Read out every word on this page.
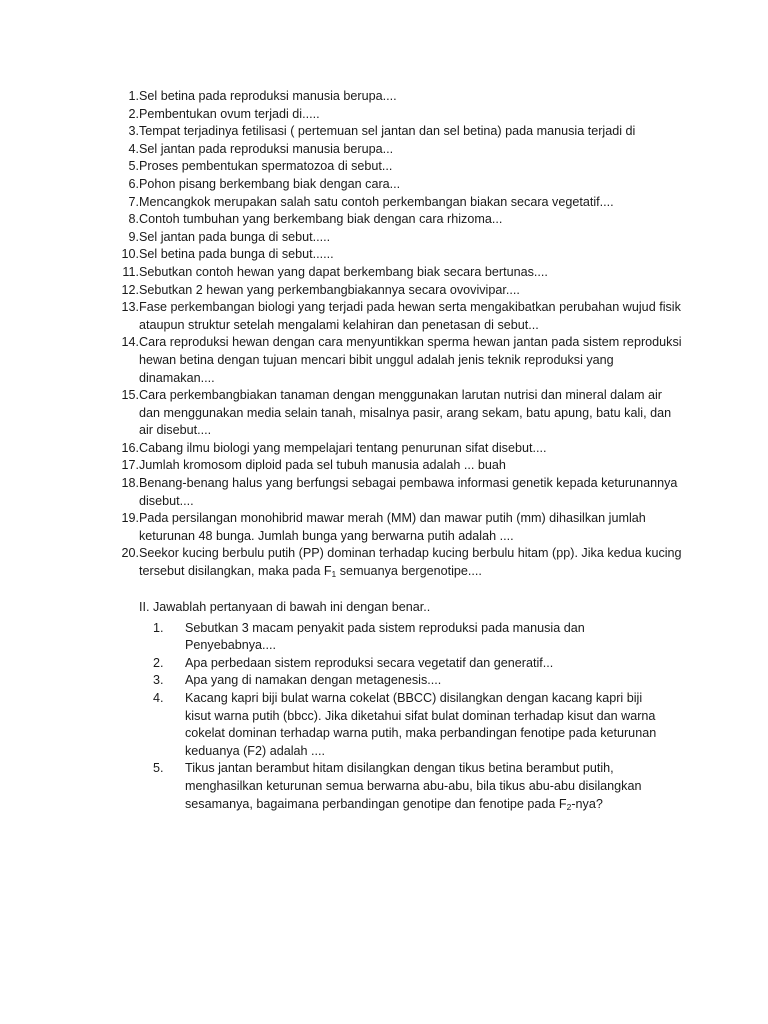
1. Sel betina pada reproduksi manusia berupa....
2. Pembentukan ovum terjadi di.....
3. Tempat terjadinya fetilisasi ( pertemuan sel jantan dan sel betina) pada manusia terjadi di
4. Sel jantan pada reproduksi manusia berupa...
5. Proses pembentukan spermatozoa di sebut...
6. Pohon pisang berkembang biak dengan cara...
7. Mencangkok merupakan salah satu contoh perkembangan biakan secara vegetatif....
8. Contoh tumbuhan yang berkembang biak dengan cara rhizoma...
9. Sel jantan pada bunga di sebut.....
10. Sel betina pada bunga di sebut......
11. Sebutkan contoh hewan yang dapat berkembang biak secara bertunas....
12. Sebutkan 2 hewan yang perkembangbiakannya secara ovovivipar....
13. Fase perkembangan biologi yang terjadi pada hewan serta mengakibatkan perubahan wujud fisik ataupun struktur setelah mengalami kelahiran dan penetasan di sebut...
14. Cara reproduksi hewan dengan cara menyuntikkan sperma hewan jantan pada sistem reproduksi hewan betina dengan tujuan mencari bibit unggul adalah jenis teknik reproduksi yang dinamakan....
15. Cara perkembangbiakan tanaman dengan menggunakan larutan nutrisi dan mineral dalam air dan menggunakan media selain tanah, misalnya pasir, arang sekam, batu apung, batu kali, dan air disebut....
16. Cabang ilmu biologi yang mempelajari tentang penurunan sifat disebut....
17. Jumlah kromosom diploid pada sel tubuh manusia adalah ... buah
18. Benang-benang halus yang berfungsi sebagai pembawa informasi genetik kepada keturunannya disebut....
19. Pada persilangan monohibrid mawar merah (MM) dan mawar putih (mm) dihasilkan jumlah keturunan 48 bunga. Jumlah bunga yang berwarna putih adalah ....
20. Seekor kucing berbulu putih (PP) dominan terhadap kucing berbulu hitam (pp). Jika kedua kucing tersebut disilangkan, maka pada $F_1$ semuanya bergenotipe....
II. Jawablah pertanyaan di bawah ini dengan benar..
1.	Sebutkan 3 macam penyakit pada sistem reproduksi pada manusia dan Penyebabnya....
2.	Apa perbedaan sistem reproduksi secara vegetatif dan generatif...
3.	Apa yang di namakan dengan metagenesis....
4.	Kacang kapri biji bulat warna cokelat (BBCC) disilangkan dengan kacang kapri biji kisut warna putih (bbcc). Jika diketahui sifat bulat dominan terhadap kisut dan warna cokelat dominan terhadap warna putih, maka perbandingan fenotipe pada keturunan keduanya (F2) adalah ....
5.	Tikus jantan berambut hitam disilangkan dengan tikus betina berambut putih, menghasilkan keturunan semua berwarna abu-abu, bila tikus abu-abu disilangkan sesamanya, bagaimana perbandingan genotipe dan fenotipe pada $F_2$-nya?
